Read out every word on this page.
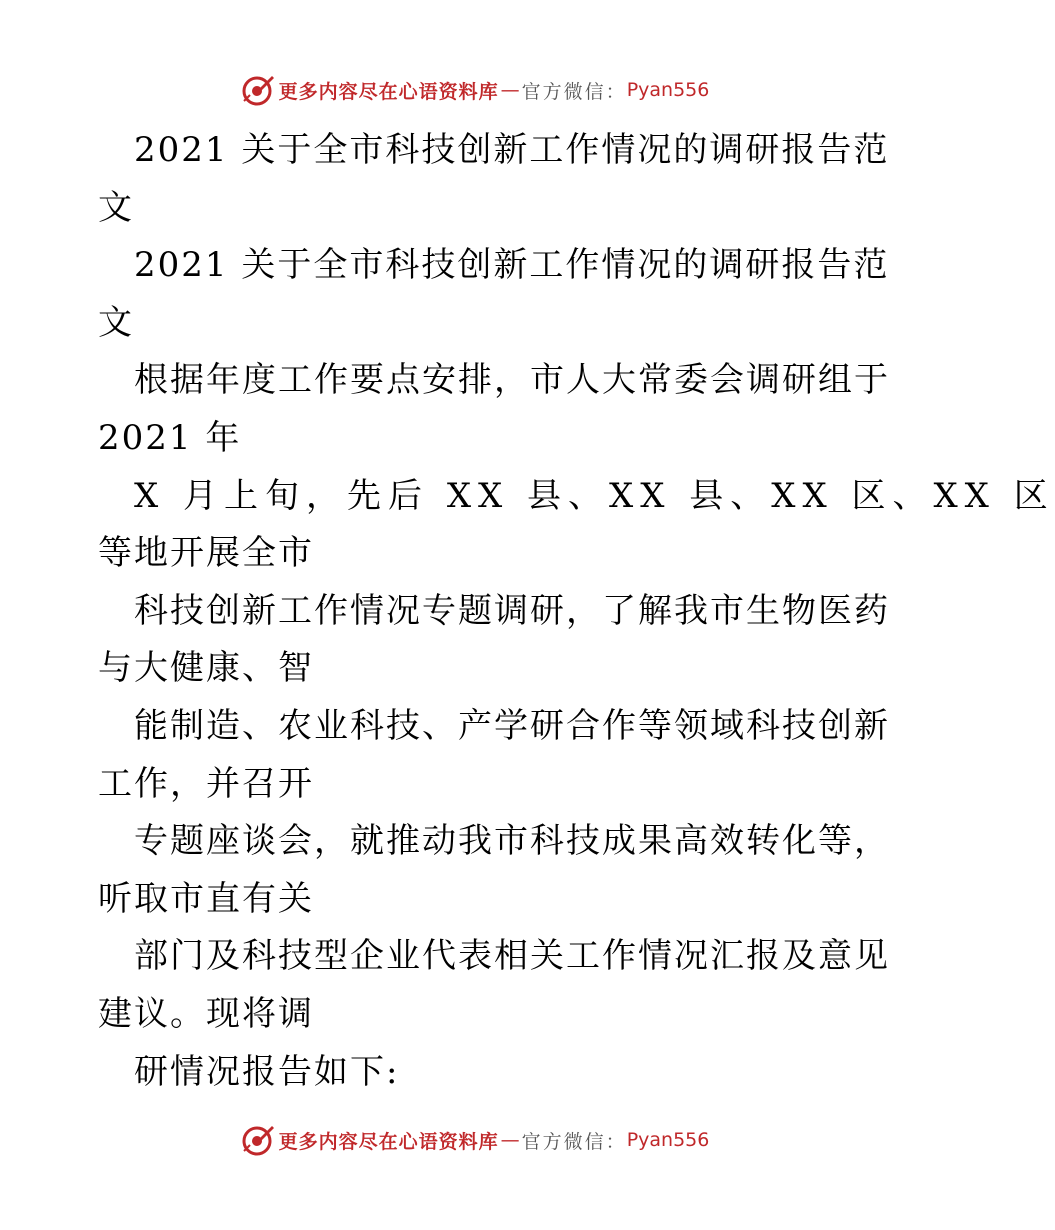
更多内容尽在心语资料库 — 官方微信： Pyan556
2021 关于全市科技创新工作情况的调研报告范
文
2021 关于全市科技创新工作情况的调研报告范
文
根据年度工作要点安排，市人大常委会调研组于
2021 年
X 月上旬，先后 XX 县、XX 县、XX 区、XX 区
等地开展全市
科技创新工作情况专题调研，了解我市生物医药
与大健康、智
能制造、农业科技、产学研合作等领域科技创新
工作，并召开
专题座谈会，就推动我市科技成果高效转化等，
听取市直有关
部门及科技型企业代表相关工作情况汇报及意见
建议。现将调
研情况报告如下:
更多内容尽在心语资料库 — 官方微信： Pyan556
